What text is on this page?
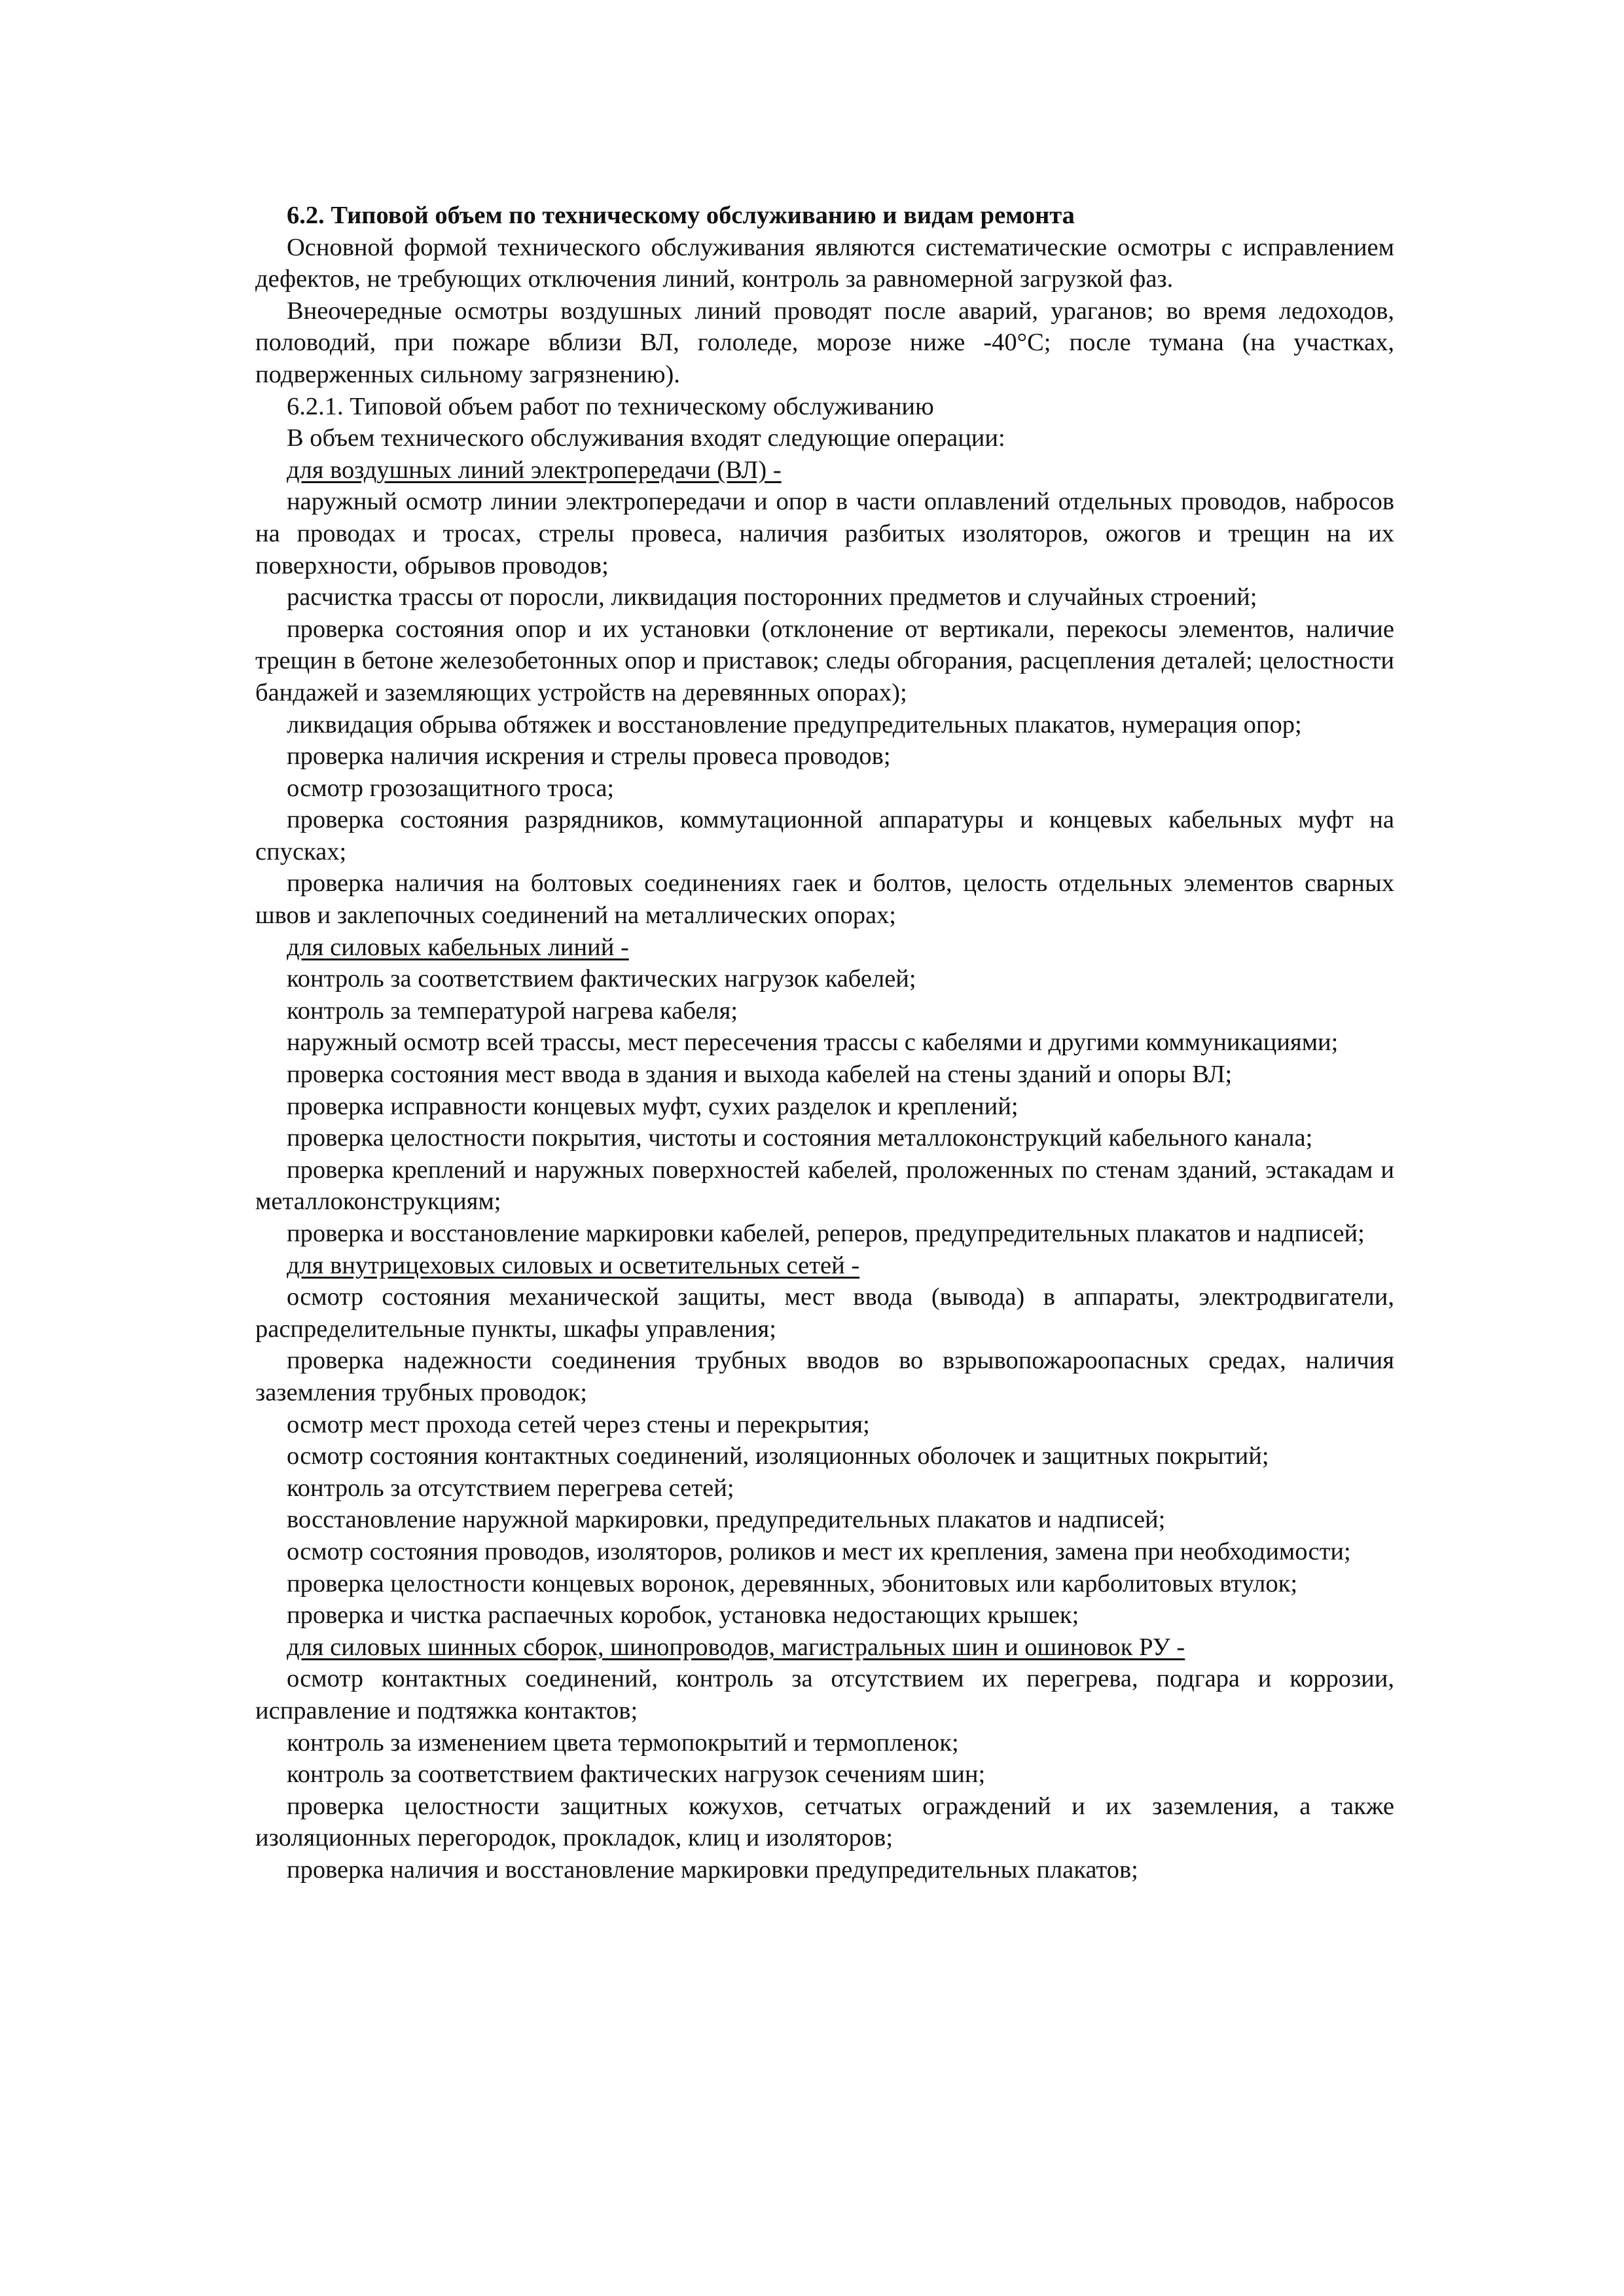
6.2. Типовой объем по техническому обслуживанию и видам ремонта

Основной формой технического обслуживания являются систематические осмотры с исправлением дефектов, не требующих отключения линий, контроль за равномерной загрузкой фаз.

Внеочередные осмотры воздушных линий проводят после аварий, ураганов; во время ледоходов, половодий, при пожаре вблизи ВЛ, гололеде, морозе ниже -40°С; после тумана (на участках, подверженных сильному загрязнению).

6.2.1. Типовой объем работ по техническому обслуживанию

В объем технического обслуживания входят следующие операции:

для воздушных линий электропередачи (ВЛ) -

наружный осмотр линии электропередачи и опор в части оплавлений отдельных проводов, набросов на проводах и тросах, стрелы провеса, наличия разбитых изоляторов, ожогов и трещин на их поверхности, обрывов проводов;

расчистка трассы от поросли, ликвидация посторонних предметов и случайных строений;

проверка состояния опор и их установки (отклонение от вертикали, перекосы элементов, наличие трещин в бетоне железобетонных опор и приставок; следы обгорания, расцепления деталей; целостности бандажей и заземляющих устройств на деревянных опорах);

ликвидация обрыва обтяжек и восстановление предупредительных плакатов, нумерация опор;

проверка наличия искрения и стрелы провеса проводов;

осмотр грозозащитного троса;

проверка состояния разрядников, коммутационной аппаратуры и концевых кабельных муфт на спусках;

проверка наличия на болтовых соединениях гаек и болтов, целость отдельных элементов сварных швов и заклепочных соединений на металлических опорах;

для силовых кабельных линий -

контроль за соответствием фактических нагрузок кабелей;

контроль за температурой нагрева кабеля;

наружный осмотр всей трассы, мест пересечения трассы с кабелями и другими коммуникациями;

проверка состояния мест ввода в здания и выхода кабелей на стены зданий и опоры ВЛ;

проверка исправности концевых муфт, сухих разделок и креплений;

проверка целостности покрытия, чистоты и состояния металлоконструкций кабельного канала;

проверка креплений и наружных поверхностей кабелей, проложенных по стенам зданий, эстакадам и металлоконструкциям;

проверка и восстановление маркировки кабелей, реперов, предупредительных плакатов и надписей;

для внутрицеховых силовых и осветительных сетей -

осмотр состояния механической защиты, мест ввода (вывода) в аппараты, электродвигатели, распределительные пункты, шкафы управления;

проверка надежности соединения трубных вводов во взрывопожароопасных средах, наличия заземления трубных проводок;

осмотр мест прохода сетей через стены и перекрытия;

осмотр состояния контактных соединений, изоляционных оболочек и защитных покрытий;

контроль за отсутствием перегрева сетей;

восстановление наружной маркировки, предупредительных плакатов и надписей;

осмотр состояния проводов, изоляторов, роликов и мест их крепления, замена при необходимости;

проверка целостности концевых воронок, деревянных, эбонитовых или карболитовых втулок;

проверка и чистка распаечных коробок, установка недостающих крышек;

для силовых шинных сборок, шинопроводов, магистральных шин и ошиновок РУ -

осмотр контактных соединений, контроль за отсутствием их перегрева, подгара и коррозии, исправление и подтяжка контактов;

контроль за изменением цвета термопокрытий и термопленок;

контроль за соответствием фактических нагрузок сечениям шин;

проверка целостности защитных кожухов, сетчатых ограждений и их заземления, а также изоляционных перегородок, прокладок, клиц и изоляторов;

проверка наличия и восстановление маркировки предупредительных плакатов;
